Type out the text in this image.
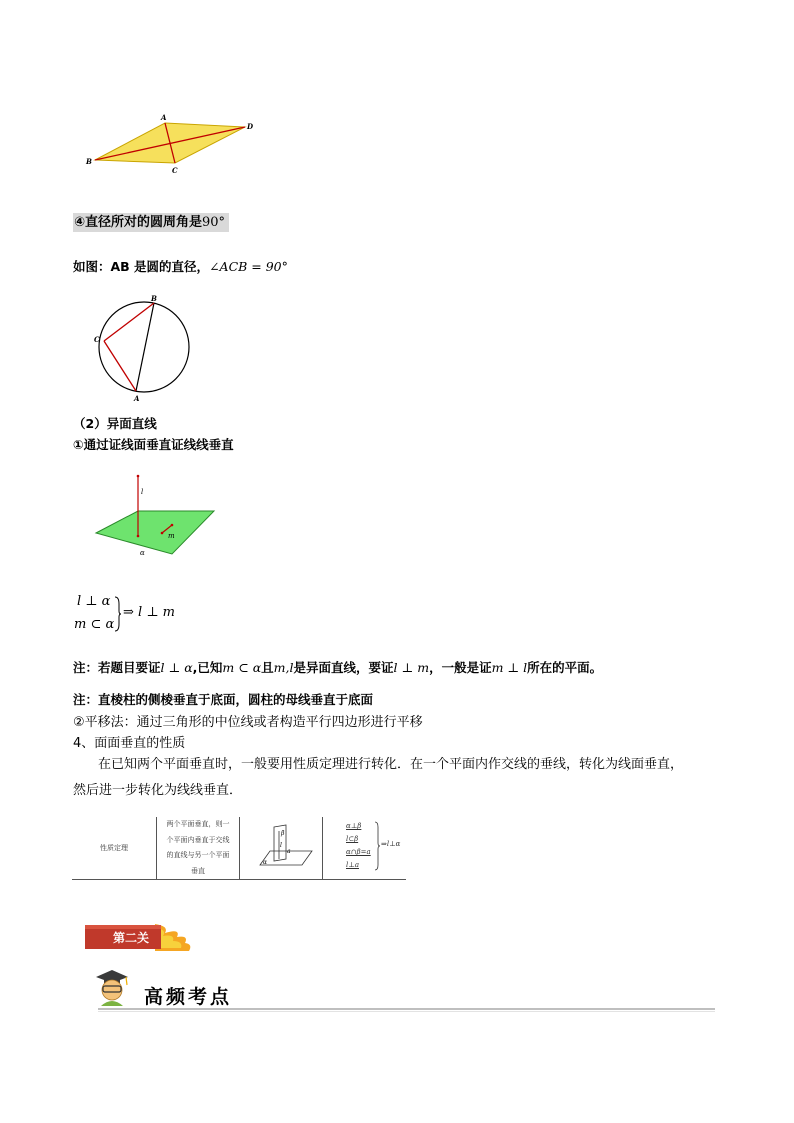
A
B
C
D
④直径所对的圆周角是90°
如图：AB 是圆的直径，∠ACB = 90°
B
C
A
（2）异面直线
①通过证线面垂直证线线垂直
l
m
α
l ⊥ α
m ⊂ α
⇒ l ⊥ m
注：若题目要证l ⊥ α,已知m ⊂ α且m,l是异面直线，要证l ⊥ m，一般是证m ⊥ l所在的平面。
注：直棱柱的侧棱垂直于底面，圆柱的母线垂直于底面
②平移法：通过三角形的中位线或者构造平行四边形进行平移
4、面面垂直的性质
在已知两个平面垂直时，一般要用性质定理进行转化．在一个平面内作交线的垂线，转化为线面垂直，
然后进一步转化为线线垂直．
性质定理
两个平面垂直，则一
个平面内垂直于交线
的直线与另一个平面
垂直
β
l
a
α
α⊥β
l⊂β
α∩β=a
l⊥a
⇒l⊥α
第二关
高频考点
